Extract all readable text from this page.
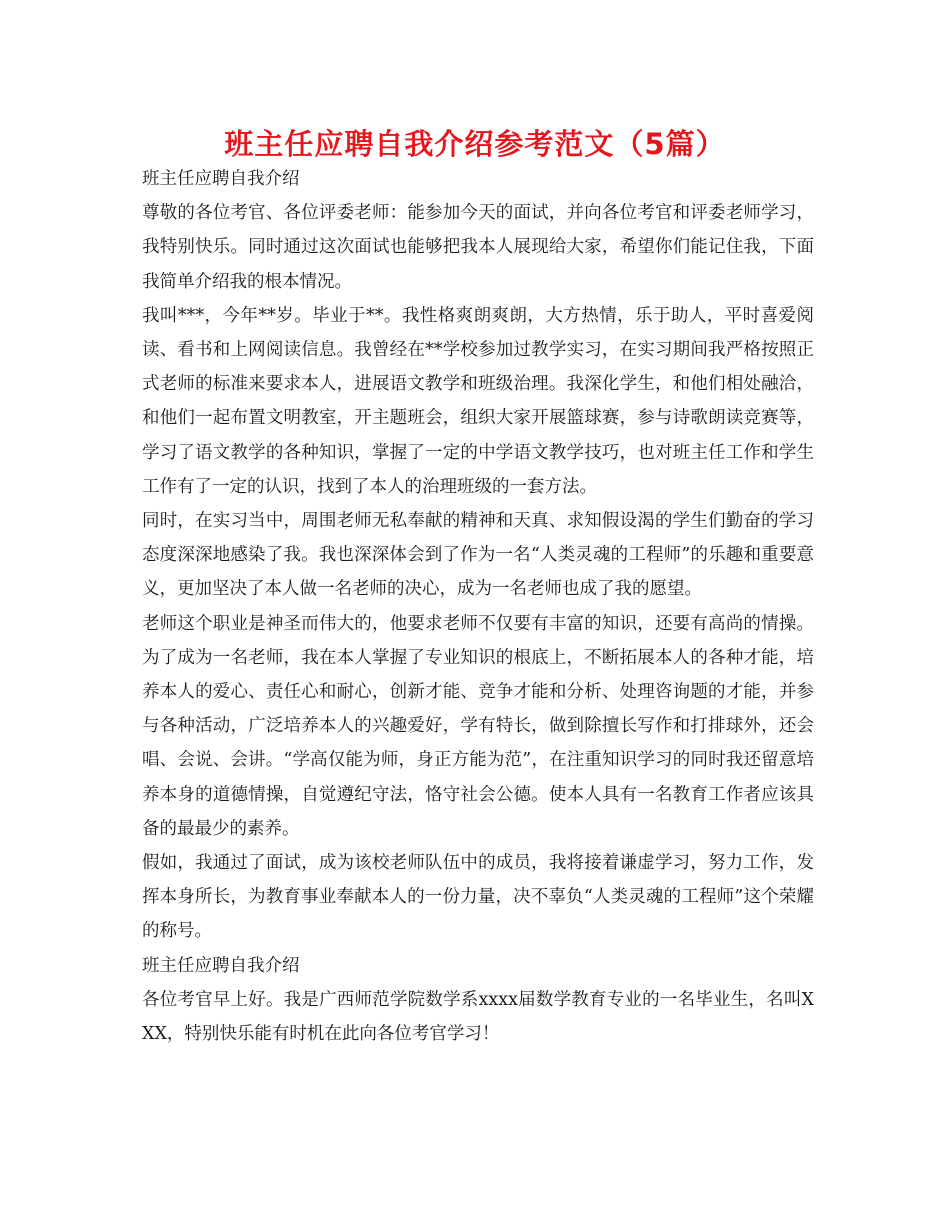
班主任应聘自我介绍参考范文（5篇）

班主任应聘自我介绍

尊敬的各位考官、各位评委老师：能参加今天的面试，并向各位考官和评委老师学习，我特别快乐。同时通过这次面试也能够把我本人展现给大家，希望你们能记住我，下面我简单介绍我的根本情况。

我叫***，今年**岁。毕业于**。我性格爽朗爽朗，大方热情，乐于助人，平时喜爱阅读、看书和上网阅读信息。我曾经在**学校参加过教学实习，在实习期间我严格按照正式老师的标准来要求本人，进展语文教学和班级治理。我深化学生，和他们相处融洽，和他们一起布置文明教室，开主题班会，组织大家开展篮球赛，参与诗歌朗读竞赛等，学习了语文教学的各种知识，掌握了一定的中学语文教学技巧，也对班主任工作和学生工作有了一定的认识，找到了本人的治理班级的一套方法。

同时，在实习当中，周围老师无私奉献的精神和天真、求知假设渴的学生们勤奋的学习态度深深地感染了我。我也深深体会到了作为一名“人类灵魂的工程师”的乐趣和重要意义，更加坚决了本人做一名老师的决心，成为一名老师也成了我的愿望。

老师这个职业是神圣而伟大的，他要求老师不仅要有丰富的知识，还要有高尚的情操。为了成为一名老师，我在本人掌握了专业知识的根底上，不断拓展本人的各种才能，培养本人的爱心、责任心和耐心，创新才能、竞争才能和分析、处理咨询题的才能，并参与各种活动，广泛培养本人的兴趣爱好，学有特长，做到除擅长写作和打排球外，还会唱、会说、会讲。“学高仅能为师，身正方能为范”，在注重知识学习的同时我还留意培养本身的道德情操，自觉遵纪守法，恪守社会公德。使本人具有一名教育工作者应该具备的最最少的素养。

假如，我通过了面试，成为该校老师队伍中的成员，我将接着谦虚学习，努力工作，发挥本身所长，为教育事业奉献本人的一份力量，决不辜负“人类灵魂的工程师”这个荣耀的称号。

班主任应聘自我介绍

各位考官早上好。我是广西师范学院数学系xxxx届数学教育专业的一名毕业生，名叫XXX，特别快乐能有时机在此向各位考官学习！
